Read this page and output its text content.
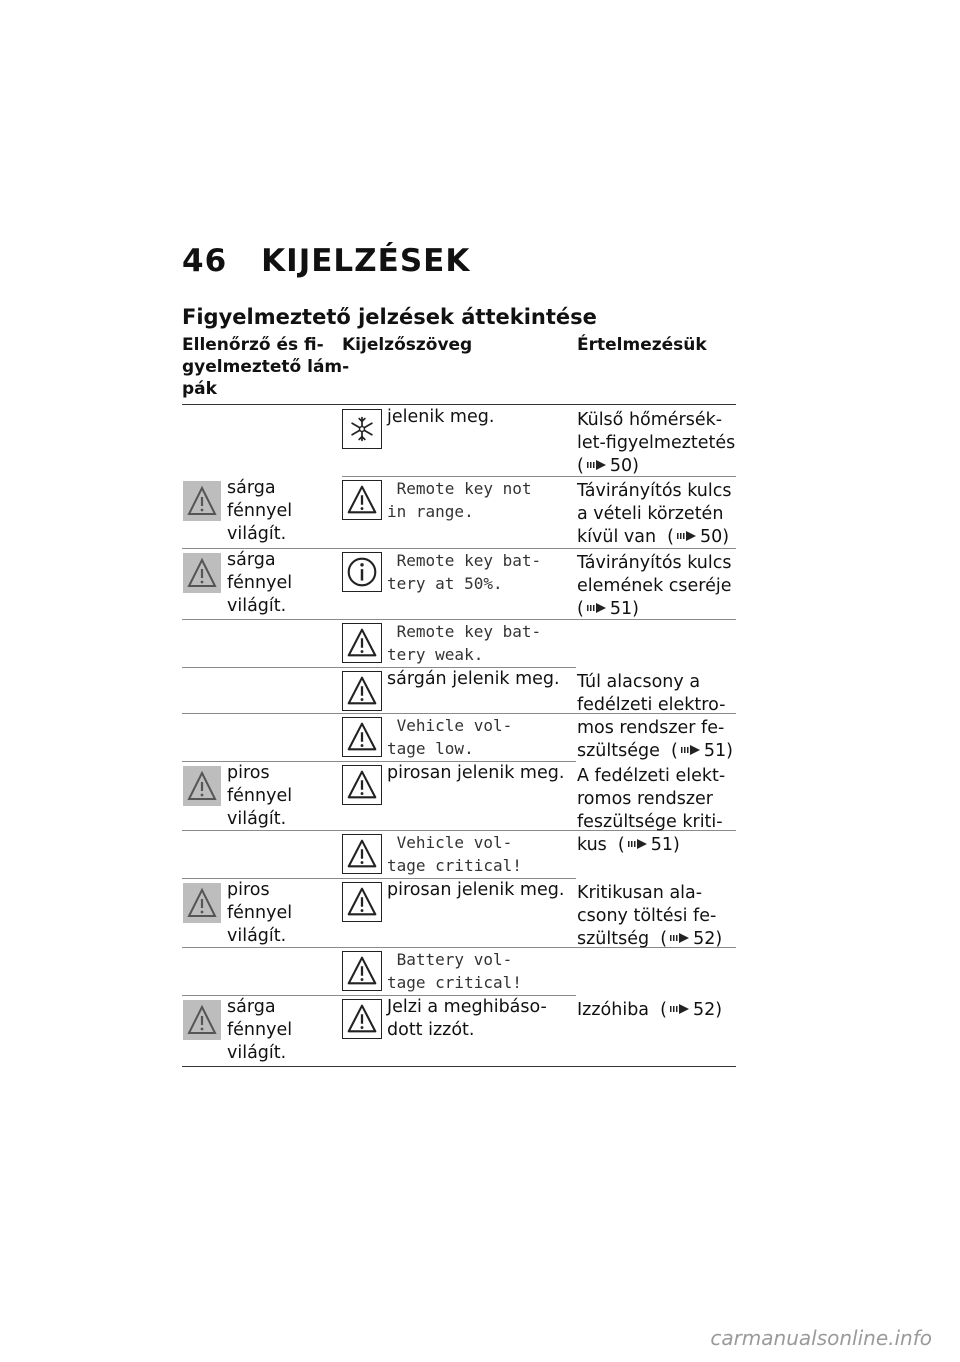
46 KIJELZÉSEK
Figyelmeztető jelzések áttekintése
Ellenőrző és fi-
gyelmeztető lám-
pák
Kijelzőszöveg	Értelmezésük
jelenik meg.	Külső hőmérsék-
let-figyelmeztetés
( 50)
sárga
fénnyel
világít.
Remote key not
in range.
Távirányítós kulcs
a vételi körzetén
kívül van  ( 50)
sárga
fénnyel
világít.
Remote key bat-
tery at 50%.
Távirányítós kulcs
elemének cseréje
( 51)
Remote key bat-
tery weak.
sárgán jelenik meg. Túl alacsony a
fedélzeti elektro-
mos rendszer fe-
szültsége  ( 51)
Vehicle vol-
tage low.
piros
fénnyel
világít.
pirosan jelenik meg. A fedélzeti elekt-
romos rendszer
feszültsége kriti-
kus  ( 51)
Vehicle vol-
tage critical!
piros
fénnyel
világít.
pirosan jelenik meg. Kritikusan ala-
csony töltési fe-
szültség  ( 52)
Battery vol-
tage critical!
sárga
fénnyel
világít.
Jelzi a meghibáso-
dott izzót.
Izzóhiba  ( 52)
carmanualsonline.info
